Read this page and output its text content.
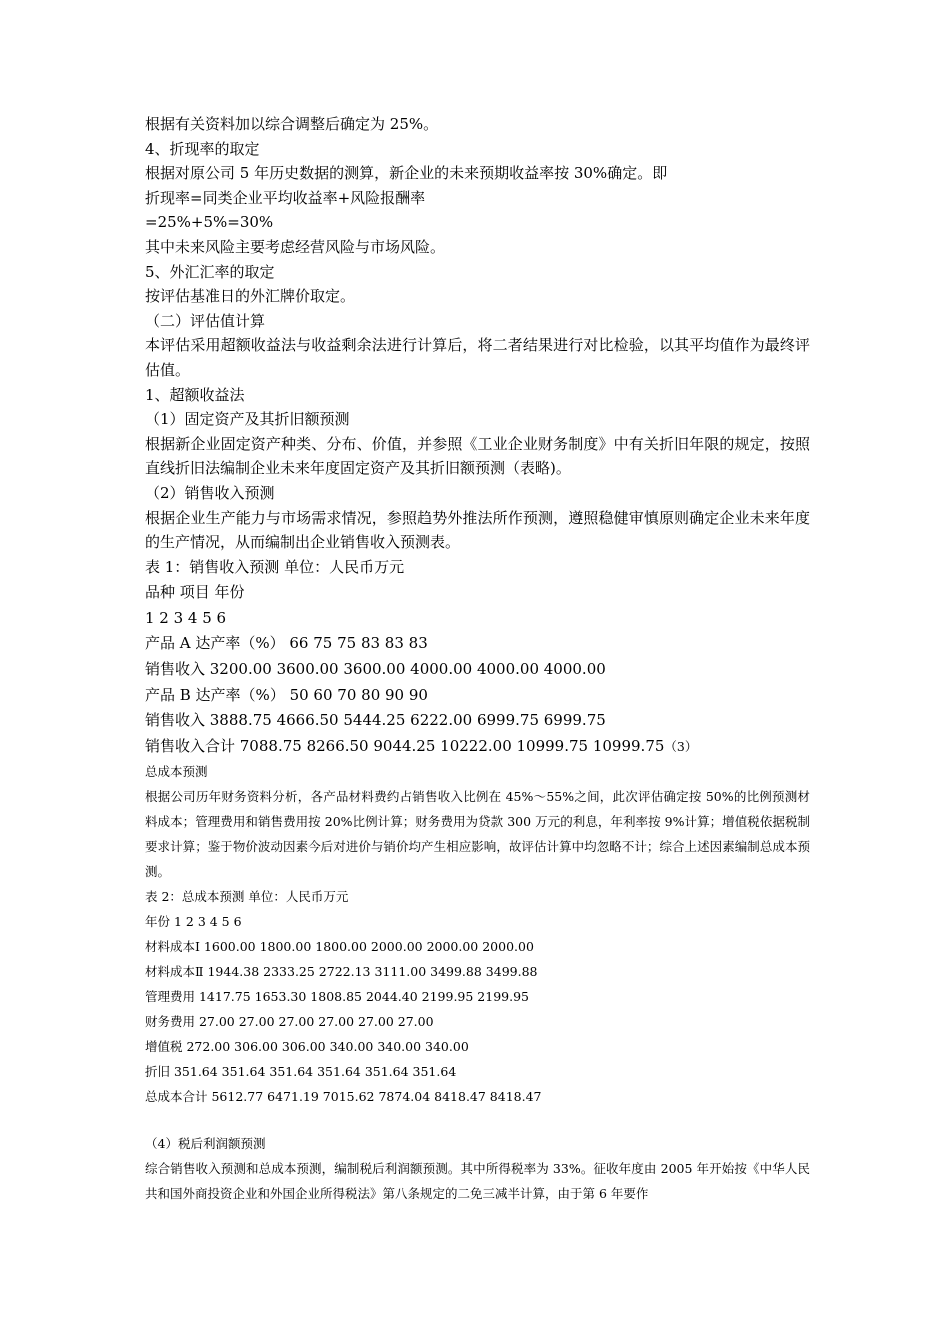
根据有关资料加以综合调整后确定为 25%。
4、折现率的取定
根据对原公司 5 年历史数据的测算，新企业的未来预期收益率按 30%确定。即
折现率=同类企业平均收益率+风险报酬率
=25%+5%=30%
其中未来风险主要考虑经营风险与市场风险。
5、外汇汇率的取定
按评估基准日的外汇牌价取定。
（二）评估值计算
本评估采用超额收益法与收益剩余法进行计算后，将二者结果进行对比检验，以其平均值作为最终评估值。
1、超额收益法
（1）固定资产及其折旧额预测
根据新企业固定资产种类、分布、价值，并参照《工业企业财务制度》中有关折旧年限的规定，按照直线折旧法编制企业未来年度固定资产及其折旧额预测（表略)。
（2）销售收入预测
根据企业生产能力与市场需求情况，参照趋势外推法所作预测，遵照稳健审慎原则确定企业未来年度的生产情况，从而编制出企业销售收入预测表。
表 1：销售收入预测 单位：人民币万元
品种 项目 年份
1 2 3 4 5 6
产品 A 达产率（%） 66 75 75 83 83 83
销售收入 3200.00 3600.00 3600.00 4000.00 4000.00 4000.00
产品 B 达产率（%） 50 60 70 80 90 90
销售收入 3888.75 4666.50 5444.25 6222.00 6999.75 6999.75
销售收入合计 7088.75 8266.50 9044.25 10222.00 10999.75 10999.75（3）
总成本预测
根据公司历年财务资料分析，各产品材料费约占销售收入比例在 45%～55%之间，此次评估确定按 50%的比例预测材料成本；管理费用和销售费用按 20%比例计算；财务费用为贷款 300 万元的利息，年利率按 9%计算；增值税依据税制要求计算；鉴于物价波动因素今后对进价与销价均产生相应影响，故评估计算中均忽略不计；综合上述因素编制总成本预测。
表 2：总成本预测 单位：人民币万元
年份 1 2 3 4 5 6
材料成本Ⅰ 1600.00 1800.00 1800.00 2000.00 2000.00 2000.00
材料成本Ⅱ 1944.38 2333.25 2722.13 3111.00 3499.88 3499.88
管理费用 1417.75 1653.30 1808.85 2044.40 2199.95 2199.95
财务费用 27.00 27.00 27.00 27.00 27.00 27.00
增值税 272.00 306.00 306.00 340.00 340.00 340.00
折旧 351.64 351.64 351.64 351.64 351.64 351.64
总成本合计 5612.77 6471.19 7015.62 7874.04 8418.47 8418.47
（4）税后利润额预测
综合销售收入预测和总成本预测，编制税后利润额预测。其中所得税率为 33%。征收年度由 2005 年开始按《中华人民共和国外商投资企业和外国企业所得税法》第八条规定的二免三减半计算，由于第 6 年要作
